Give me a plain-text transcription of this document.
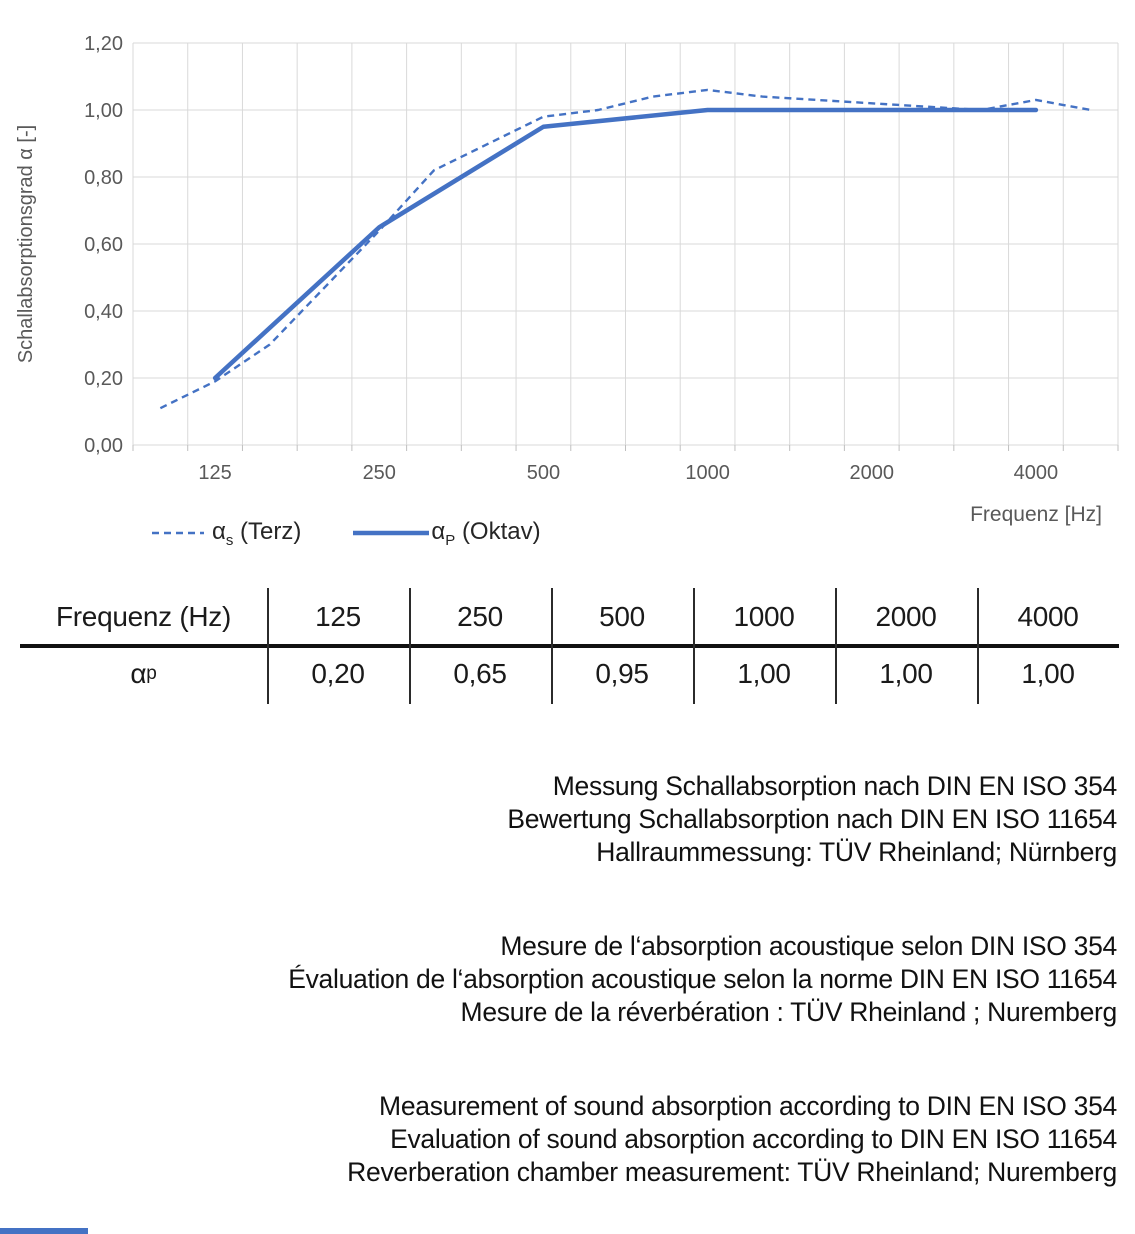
0,00
0,20
0,40
0,60
0,80
1,00
1,20
125	250	500	1000	2000	4000
Schallabsorptionsgrad α [-]
$\alpha_s$ (Terz)	$\alpha_P$ (Oktav)
Frequenz [Hz]
Frequenz (Hz)	125	250	500	1000	2000	4000
α p	0,20	0,65	0,95	1,00	1,00	1,00
Messung Schallabsorption nach DIN EN ISO 354
Bewertung Schallabsorption nach DIN EN ISO 11654
Hallraummessung: TÜV Rheinland; Nürnberg
Mesure de l‘absorption acoustique selon DIN ISO 354
Évaluation de l‘absorption acoustique selon la norme DIN EN ISO 11654
Mesure de la réverbération : TÜV Rheinland ; Nuremberg
Measurement of sound absorption according to DIN EN ISO 354
Evaluation of sound absorption according to DIN EN ISO 11654
Reverberation chamber measurement: TÜV Rheinland; Nuremberg
